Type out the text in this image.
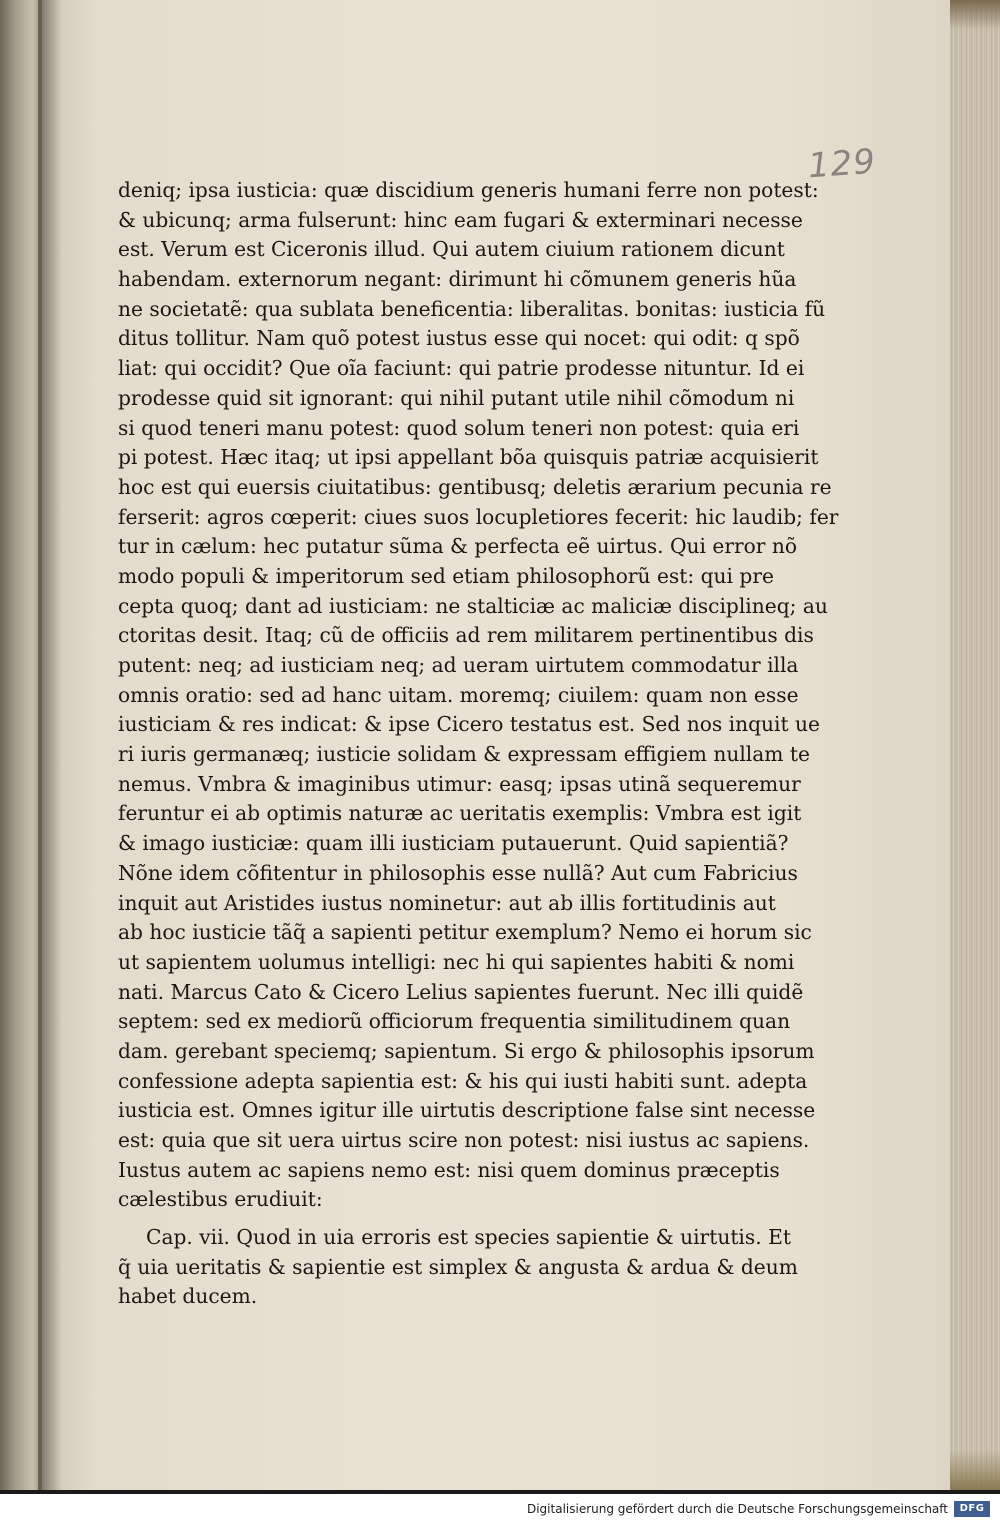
129
deniq; ipsa iusticia: quæ discidium generis humani ferre non potest:
& ubicunq; arma fulserunt: hinc eam fugari & exterminari necesse
est. Verum est Ciceronis illud. Qui autem ciuium rationem dicunt
habendam. externorum negant: dirimunt hi cõmunem generis hũa
ne societatẽ: qua sublata beneficentia: liberalitas. bonitas: iusticia fũ
ditus tollitur. Nam quõ potest iustus esse qui nocet: qui odit: q spõ
liat: qui occidit? Que oĩa faciunt: qui patrie prodesse nituntur. Id ei
prodesse quid sit ignorant: qui nihil putant utile nihil cõmodum ni
si quod teneri manu potest: quod solum teneri non potest: quia eri
pi potest. Hæc itaq; ut ipsi appellant bõa quisquis patriæ acquisierit
hoc est qui euersis ciuitatibus: gentibusq; deletis ærarium pecunia re
ferserit: agros cœperit: ciues suos locupletiores fecerit: hic laudib; fer
tur in cælum: hec putatur sũma & perfecta eẽ uirtus. Qui error nõ
modo populi & imperitorum sed etiam philosophorũ est: qui pre
cepta quoq; dant ad iusticiam: ne stalticiæ ac maliciæ disciplineq; au
ctoritas desit. Itaq; cũ de officiis ad rem militarem pertinentibus dis
putent: neq; ad iusticiam neq; ad ueram uirtutem commodatur illa
omnis oratio: sed ad hanc uitam. moremq; ciuilem: quam non esse
iusticiam & res indicat: & ipse Cicero testatus est. Sed nos inquit ue
ri iuris germanæq; iusticie solidam & expressam effigiem nullam te
nemus. Vmbra & imaginibus utimur: easq; ipsas utinã sequeremur
feruntur ei ab optimis naturæ ac ueritatis exemplis: Vmbra est igit
& imago iusticiæ: quam illi iusticiam putauerunt. Quid sapientiã?
Nõne idem cõfitentur in philosophis esse nullã? Aut cum Fabricius
inquit aut Aristides iustus nominetur: aut ab illis fortitudinis aut
ab hoc iusticie tãq̃ a sapienti petitur exemplum? Nemo ei horum sic
ut sapientem uolumus intelligi: nec hi qui sapientes habiti & nomi
nati. Marcus Cato & Cicero Lelius sapientes fuerunt. Nec illi quidẽ
septem: sed ex mediorũ officiorum frequentia similitudinem quan
dam. gerebant speciemq; sapientum. Si ergo & philosophis ipsorum
confessione adepta sapientia est: & his qui iusti habiti sunt. adepta
iusticia est. Omnes igitur ille uirtutis descriptione false sint necesse
est: quia que sit uera uirtus scire non potest: nisi iustus ac sapiens.
Iustus autem ac sapiens nemo est: nisi quem dominus præceptis
cælestibus erudiuit:
Cap. vii. Quod in uia erroris est species sapientie & uirtutis. Et
q̃ uia ueritatis & sapientie est simplex & angusta & ardua & deum
habet ducem.
Digitalisierung gefördert durch die Deutsche Forschungsgemeinschaft	DFG
